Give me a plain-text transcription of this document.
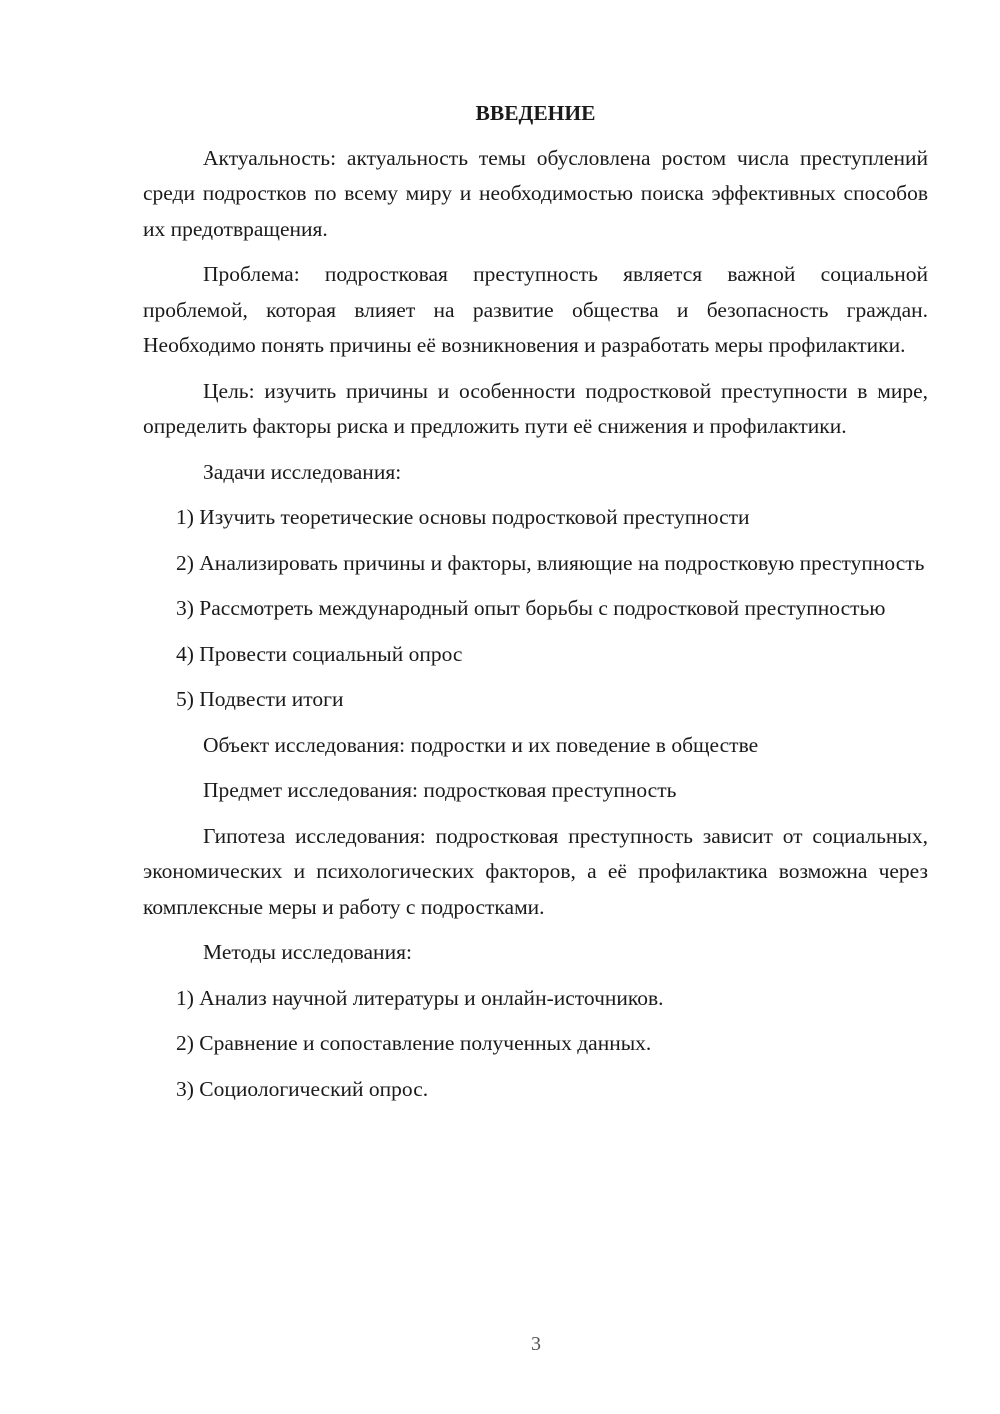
ВВЕДЕНИЕ

Актуальность: актуальность темы обусловлена ростом числа преступлений среди подростков по всему миру и необходимостью поиска эффективных способов их предотвращения.

Проблема: подростковая преступность является важной социальной проблемой, которая влияет на развитие общества и безопасность граждан. Необходимо понять причины её возникновения и разработать меры профилактики.

Цель: изучить причины и особенности подростковой преступности в мире, определить факторы риска и предложить пути её снижения и профилактики.

Задачи исследования:

1) Изучить теоретические основы подростковой преступности

2) Анализировать причины и факторы, влияющие на подростковую преступность

3) Рассмотреть международный опыт борьбы с подростковой преступностью

4) Провести социальный опрос

5) Подвести итоги

Объект исследования: подростки и их поведение в обществе

Предмет исследования: подростковая преступность

Гипотеза исследования: подростковая преступность зависит от социальных, экономических и психологических факторов, а её профилактика возможна через комплексные меры и работу с подростками.

Методы исследования:

1) Анализ научной литературы и онлайн-источников.

2) Сравнение и сопоставление полученных данных.

3) Социологический опрос.

3
